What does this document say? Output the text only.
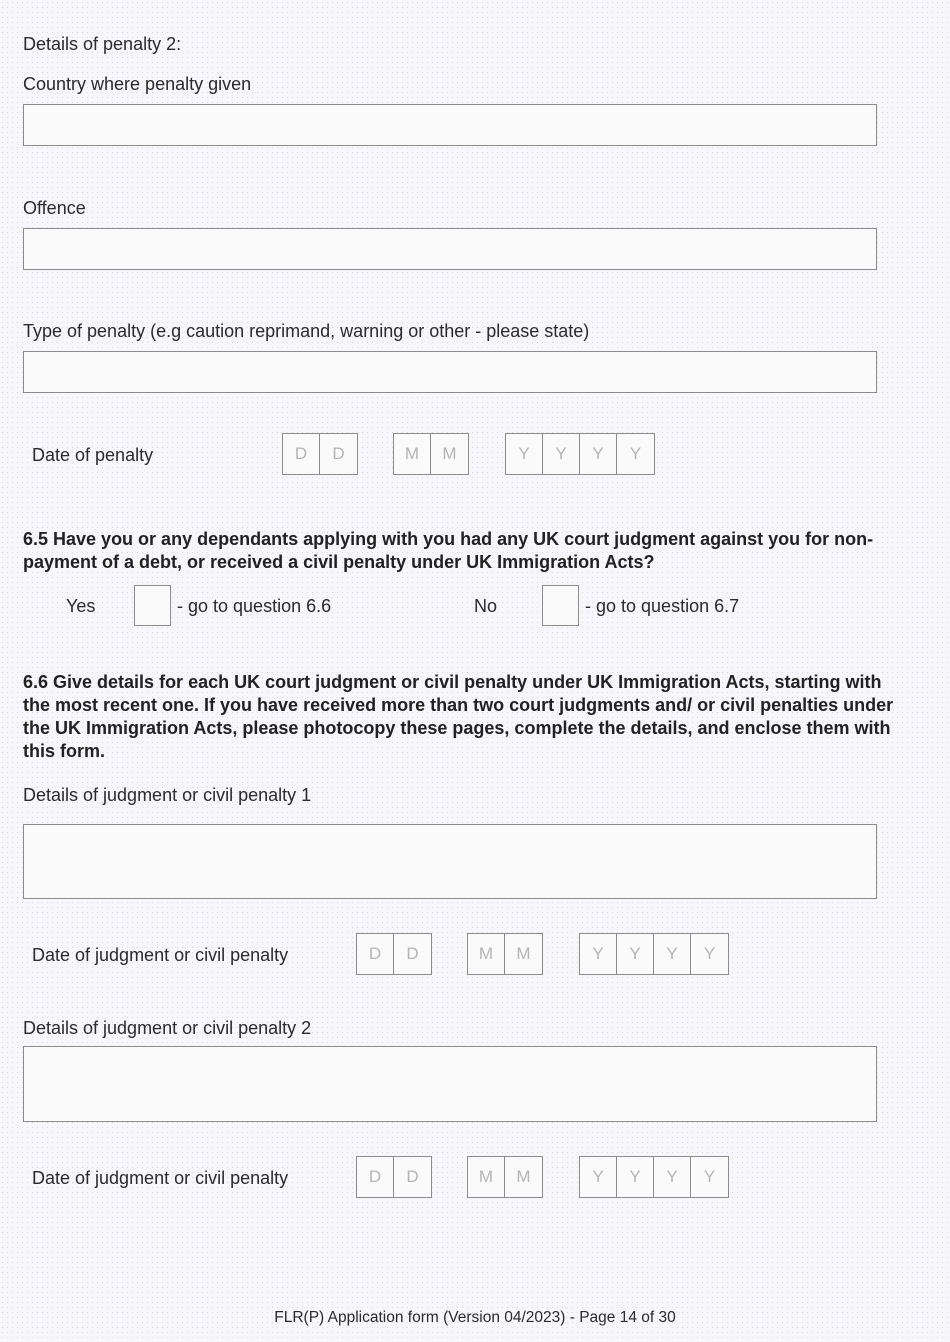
Details of penalty 2:
Country where penalty given
Offence
Type of penalty (e.g caution reprimand, warning or other - please state)
Date of penalty	D	D	M	M	Y	Y	Y	Y
6.5 Have you or any dependants applying with you had any UK court judgment against you for non-payment of a debt, or received a civil penalty under UK Immigration Acts?
Yes	- go to question 6.6	No	- go to question 6.7
6.6 Give details for each UK court judgment or civil penalty under UK Immigration Acts, starting with the most recent one. If you have received more than two court judgments and/ or civil penalties under the UK Immigration Acts, please photocopy these pages, complete the details, and enclose them with this form.
Details of judgment or civil penalty 1
Date of judgment or civil penalty	D	D	M	M	Y	Y	Y	Y
Details of judgment or civil penalty 2
Date of judgment or civil penalty	D	D	M	M	Y	Y	Y	Y
FLR(P) Application form (Version 04/2023) - Page 14 of 30
